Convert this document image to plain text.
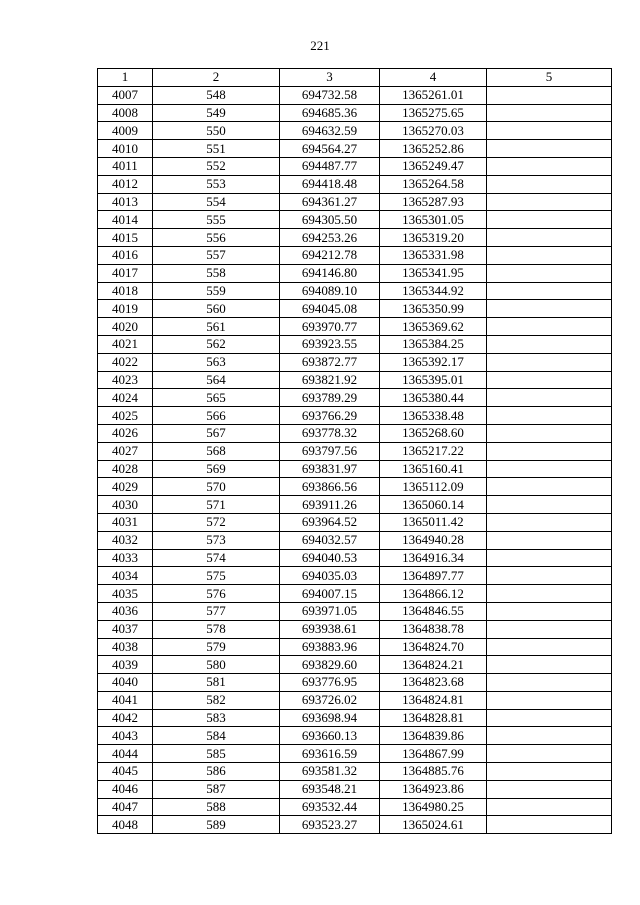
221
1	2	3	4	5
4007	548	694732.58	1365261.01	
4008	549	694685.36	1365275.65	
4009	550	694632.59	1365270.03	
4010	551	694564.27	1365252.86	
4011	552	694487.77	1365249.47	
4012	553	694418.48	1365264.58	
4013	554	694361.27	1365287.93	
4014	555	694305.50	1365301.05	
4015	556	694253.26	1365319.20	
4016	557	694212.78	1365331.98	
4017	558	694146.80	1365341.95	
4018	559	694089.10	1365344.92	
4019	560	694045.08	1365350.99	
4020	561	693970.77	1365369.62	
4021	562	693923.55	1365384.25	
4022	563	693872.77	1365392.17	
4023	564	693821.92	1365395.01	
4024	565	693789.29	1365380.44	
4025	566	693766.29	1365338.48	
4026	567	693778.32	1365268.60	
4027	568	693797.56	1365217.22	
4028	569	693831.97	1365160.41	
4029	570	693866.56	1365112.09	
4030	571	693911.26	1365060.14	
4031	572	693964.52	1365011.42	
4032	573	694032.57	1364940.28	
4033	574	694040.53	1364916.34	
4034	575	694035.03	1364897.77	
4035	576	694007.15	1364866.12	
4036	577	693971.05	1364846.55	
4037	578	693938.61	1364838.78	
4038	579	693883.96	1364824.70	
4039	580	693829.60	1364824.21	
4040	581	693776.95	1364823.68	
4041	582	693726.02	1364824.81	
4042	583	693698.94	1364828.81	
4043	584	693660.13	1364839.86	
4044	585	693616.59	1364867.99	
4045	586	693581.32	1364885.76	
4046	587	693548.21	1364923.86	
4047	588	693532.44	1364980.25	
4048	589	693523.27	1365024.61	
